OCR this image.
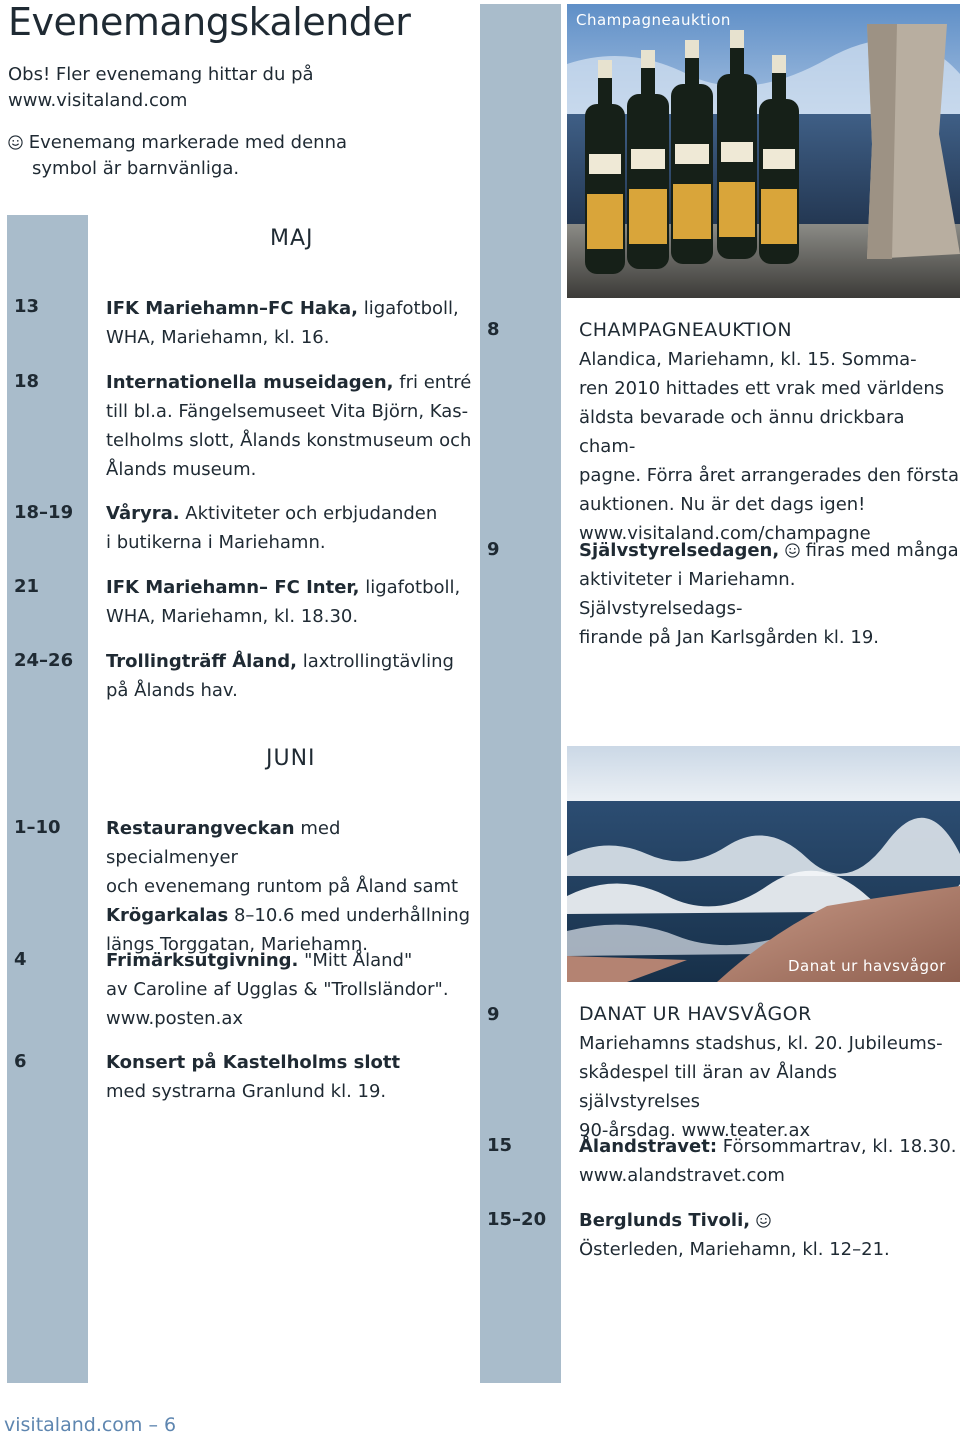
Evenemangskalender
Obs! Fler evenemang hittar du på
www.visitaland.com
Evenemang markerade med denna
symbol är barnvänliga.
MAJ
13	IFK Mariehamn–FC Haka, ligafotboll,
WHA, Mariehamn, kl. 16.
18	Internationella museidagen, fri entré
till bl.a. Fängelsemuseet Vita Björn, Kas-
telholms slott, Ålands konstmuseum och
Ålands museum.
18–19 Våryra. Aktiviteter och erbjudanden
i butikerna i Mariehamn.
21	IFK Mariehamn– FC Inter, ligafotboll,
WHA, Mariehamn, kl. 18.30.
24–26 Trollingträff Åland, laxtrollingtävling
på Ålands hav.
JUNI
1–10	Restaurangveckan med specialmenyer
och evenemang runtom på Åland samt
Krögarkalas 8–10.6 med underhållning
längs Torggatan, Mariehamn.
4	Frimärksutgivning. "Mitt Åland"
av Caroline af Ugglas & "Trollsländor".
www.posten.ax
6	Konsert på Kastelholms slott
med systrarna Granlund kl. 19.
Champagneauktion
8	CHAMPAGNEAUKTION
Alandica, Mariehamn, kl. 15. Somma-
ren 2010 hittades ett vrak med världens
äldsta bevarade och ännu drickbara cham-
pagne. Förra året arrangerades den första
auktionen. Nu är det dags igen!
www.visitaland.com/champagne
9	Självstyrelsedagen,
firas med många
aktiviteter i Mariehamn. Självstyrelsedags-
firande på Jan Karlsgården kl. 19.
Danat ur havsvågor
9	DANAT UR HAVSVÅGOR
Mariehamns stadshus, kl. 20. Jubileums-
skådespel till äran av Ålands självstyrelses
90-årsdag. www.teater.ax
15	Ålandstravet: Försommartrav, kl. 18.30.
www.alandstravet.com
15–20 Berglunds Tivoli,
Österleden, Mariehamn, kl. 12–21.
visitaland.com – 6
